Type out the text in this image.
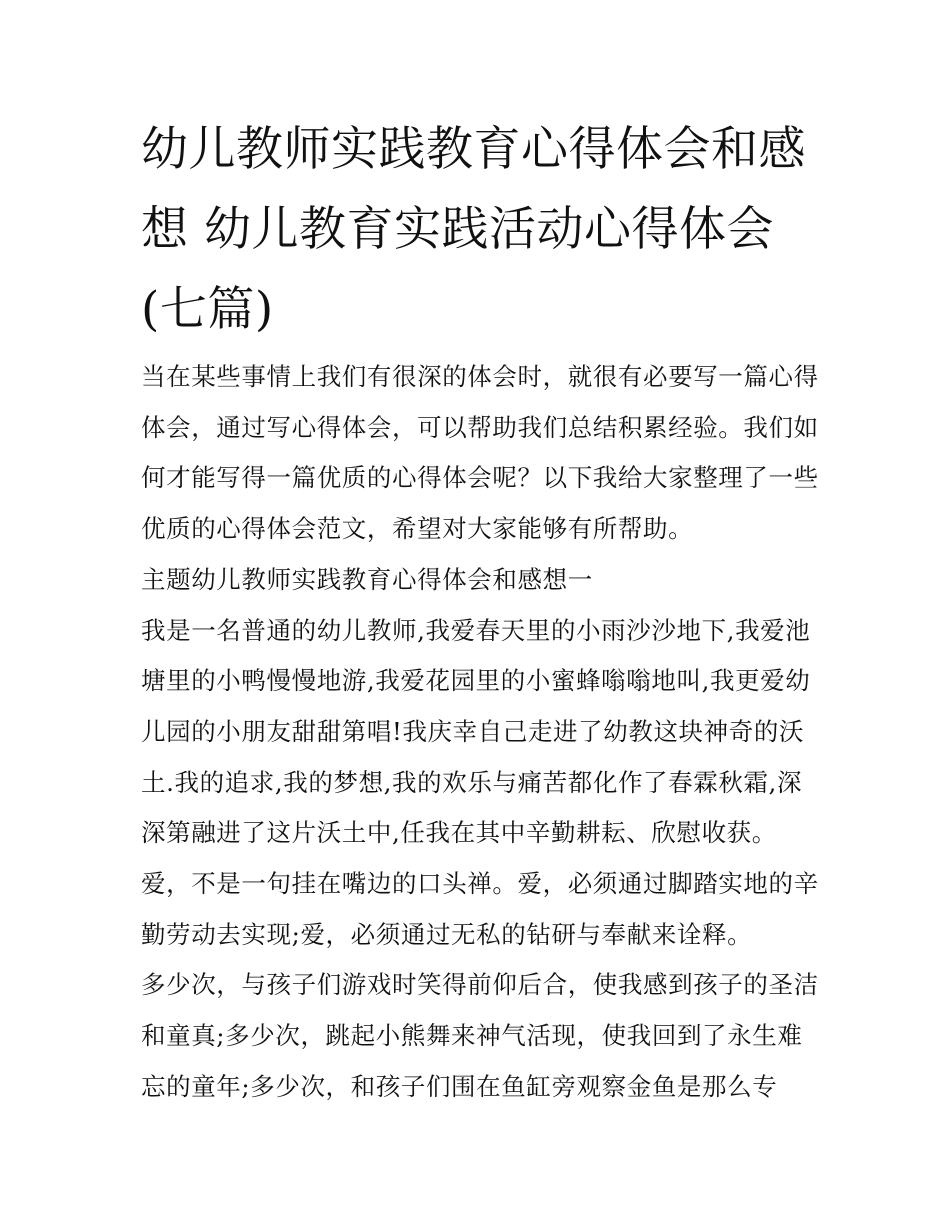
幼儿教师实践教育心得体会和感想 幼儿教育实践活动心得体会(七篇)

当在某些事情上我们有很深的体会时，就很有必要写一篇心得体会，通过写心得体会，可以帮助我们总结积累经验。我们如何才能写得一篇优质的心得体会呢？以下我给大家整理了一些优质的心得体会范文，希望对大家能够有所帮助。

主题幼儿教师实践教育心得体会和感想一

我是一名普通的幼儿教师,我爱春天里的小雨沙沙地下,我爱池塘里的小鸭慢慢地游,我爱花园里的小蜜蜂嗡嗡地叫,我更爱幼儿园的小朋友甜甜第唱!我庆幸自己走进了幼教这块神奇的沃土.我的追求,我的梦想,我的欢乐与痛苦都化作了春霖秋霜,深深第融进了这片沃土中,任我在其中辛勤耕耘、欣慰收获。

爱，不是一句挂在嘴边的口头禅。爱，必须通过脚踏实地的辛勤劳动去实现;爱，必须通过无私的钻研与奉献来诠释。

多少次，与孩子们游戏时笑得前仰后合，使我感到孩子的圣洁和童真;多少次，跳起小熊舞来神气活现，使我回到了永生难忘的童年;多少次，和孩子们围在鱼缸旁观察金鱼是那么专
